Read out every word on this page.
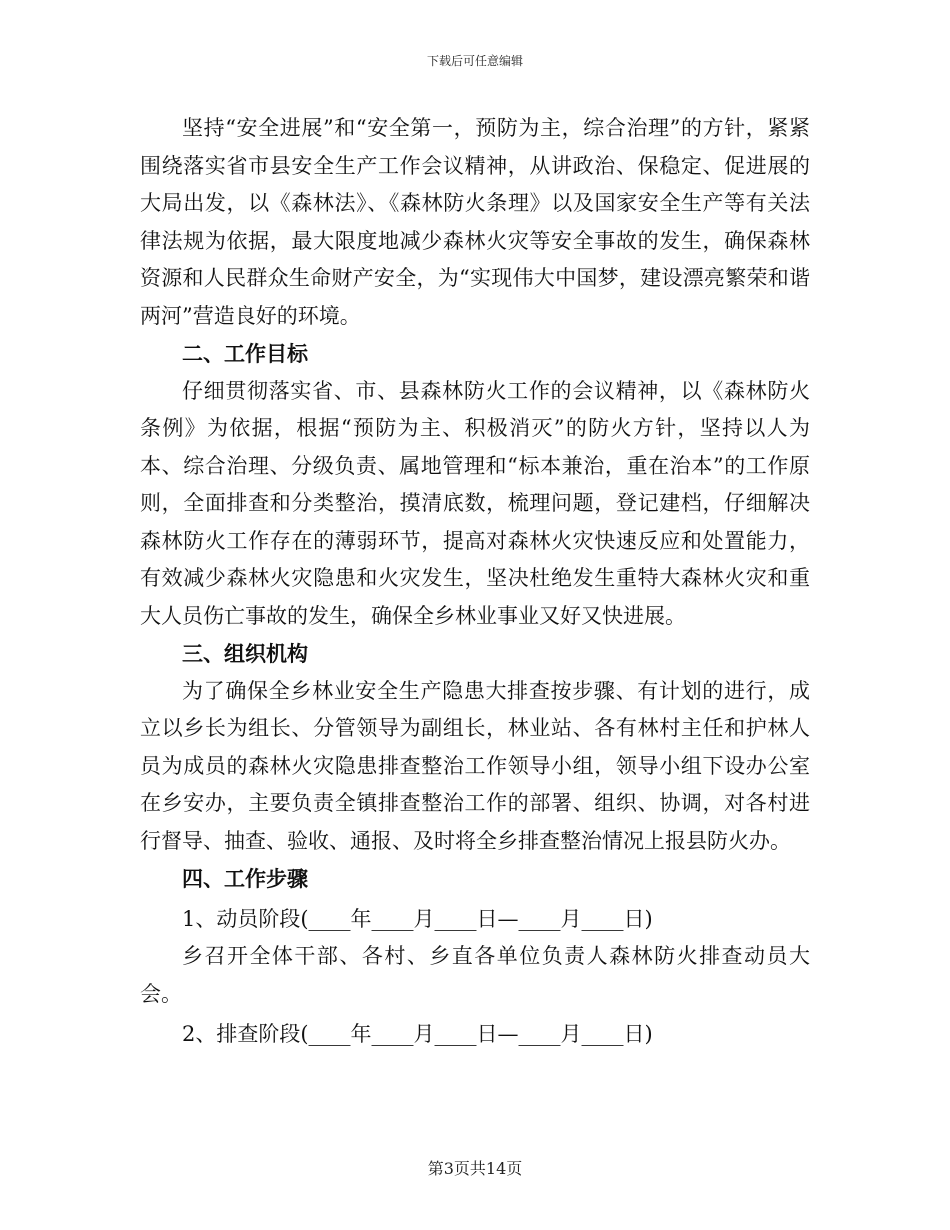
下载后可任意编辑

坚持“安全进展”和“安全第一，预防为主，综合治理”的方针，紧紧围绕落实省市县安全生产工作会议精神，从讲政治、保稳定、促进展的大局出发，以《森林法》、《森林防火条理》以及国家安全生产等有关法律法规为依据，最大限度地减少森林火灾等安全事故的发生，确保森林资源和人民群众生命财产安全，为“实现伟大中国梦，建设漂亮繁荣和谐两河”营造良好的环境。

二、工作目标

仔细贯彻落实省、市、县森林防火工作的会议精神，以《森林防火条例》为依据，根据“预防为主、积极消灭”的防火方针，坚持以人为本、综合治理、分级负责、属地管理和“标本兼治，重在治本”的工作原则，全面排查和分类整治，摸清底数，梳理问题，登记建档，仔细解决森林防火工作存在的薄弱环节，提高对森林火灾快速反应和处置能力，有效减少森林火灾隐患和火灾发生，坚决杜绝发生重特大森林火灾和重大人员伤亡事故的发生，确保全乡林业事业又好又快进展。

三、组织机构

为了确保全乡林业安全生产隐患大排查按步骤、有计划的进行，成立以乡长为组长、分管领导为副组长，林业站、各有林村主任和护林人员为成员的森林火灾隐患排查整治工作领导小组，领导小组下设办公室在乡安办，主要负责全镇排查整治工作的部署、组织、协调，对各村进行督导、抽查、验收、通报、及时将全乡排查整治情况上报县防火办。

四、工作步骤

1、动员阶段(____年____月____日—____月____日)

乡召开全体干部、各村、乡直各单位负责人森林防火排查动员大会。

2、排查阶段(____年____月____日—____月____日)

第3页共14页
